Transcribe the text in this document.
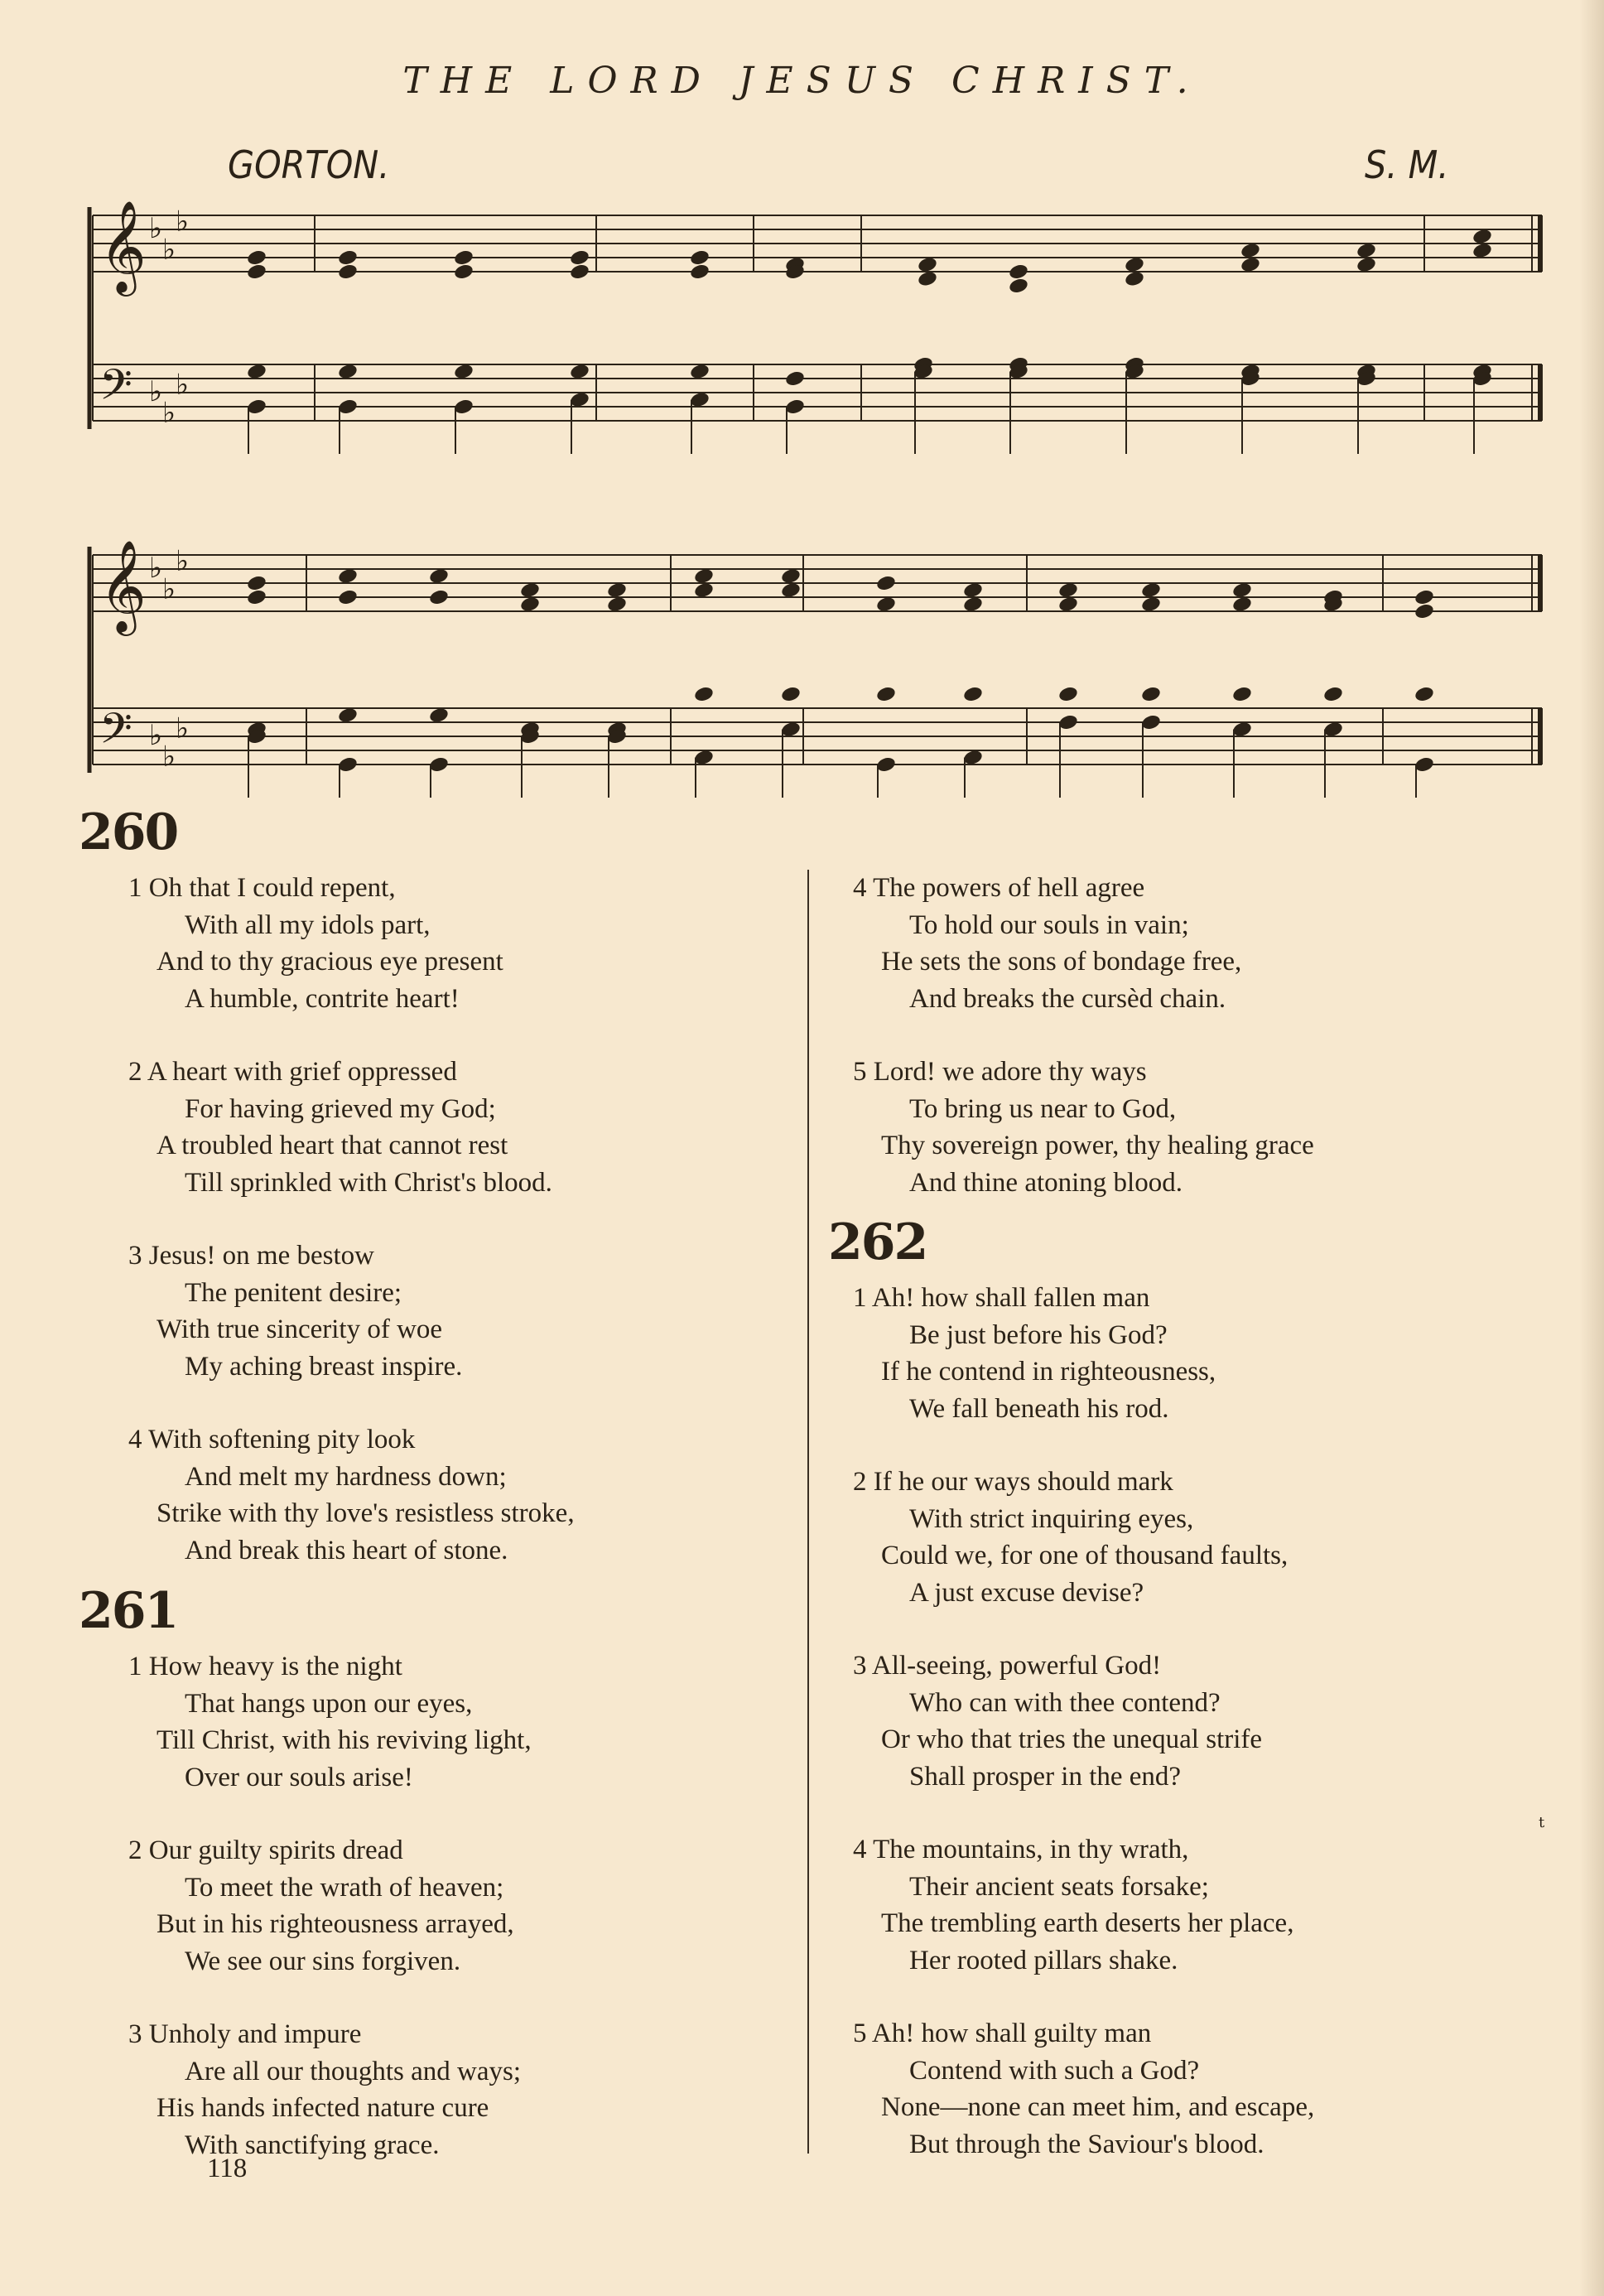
THE LORD JESUS CHRIST.
GORTON.	S. M.
𝄞
𝄢
♭
♭
♭
♭
♭
♭
𝄞
𝄢
♭
♭
♭
♭
♭
♭
260
1 Oh that I could repent,
With all my idols part,
And to thy gracious eye present
A humble, contrite heart!
2 A heart with grief oppressed
For having grieved my God;
A troubled heart that cannot rest
Till sprinkled with Christ's blood.
3 Jesus! on me bestow
The penitent desire;
With true sincerity of woe
My aching breast inspire.
4 With softening pity look
And melt my hardness down;
Strike with thy love's resistless stroke,
And break this heart of stone.
261
1 How heavy is the night
That hangs upon our eyes,
Till Christ, with his reviving light,
Over our souls arise!
2 Our guilty spirits dread
To meet the wrath of heaven;
But in his righteousness arrayed,
We see our sins forgiven.
3 Unholy and impure
Are all our thoughts and ways;
His hands infected nature cure
With sanctifying grace.
4 The powers of hell agree
To hold our souls in vain;
He sets the sons of bondage free,
And breaks the cursèd chain.
5 Lord! we adore thy ways
To bring us near to God,
Thy sovereign power, thy healing grace
And thine atoning blood.
262
1 Ah! how shall fallen man
Be just before his God?
If he contend in righteousness,
We fall beneath his rod.
2 If he our ways should mark
With strict inquiring eyes,
Could we, for one of thousand faults,
A just excuse devise?
3 All-seeing, powerful God!
Who can with thee contend?
Or who that tries the unequal strife
Shall prosper in the end?
4 The mountains, in thy wrath,
Their ancient seats forsake;
The trembling earth deserts her place,
Her rooted pillars shake.
5 Ah! how shall guilty man
Contend with such a God?
None—none can meet him, and escape,
But through the Saviour's blood.
118
t
